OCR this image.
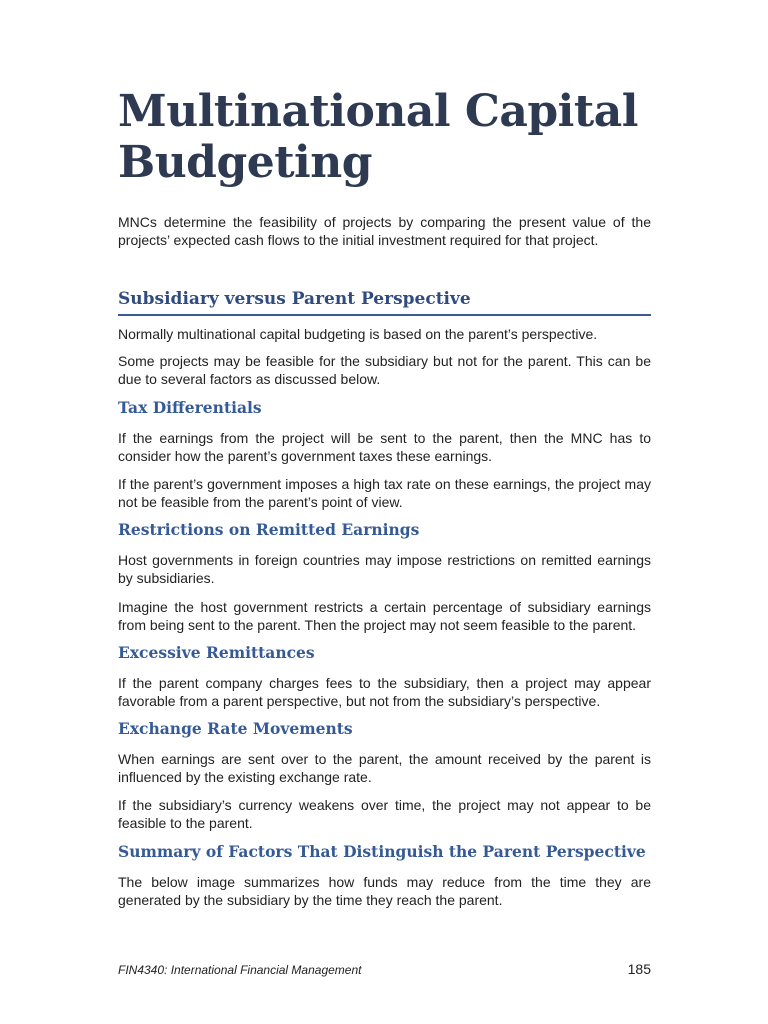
Multinational Capital Budgeting

MNCs determine the feasibility of projects by comparing the present value of the projects’ expected cash flows to the initial investment required for that project.

Subsidiary versus Parent Perspective

Normally multinational capital budgeting is based on the parent’s perspective.

Some projects may be feasible for the subsidiary but not for the parent. This can be due to several factors as discussed below.

Tax Differentials

If the earnings from the project will be sent to the parent, then the MNC has to consider how the parent’s government taxes these earnings.

If the parent’s government imposes a high tax rate on these earnings, the project may not be feasible from the parent’s point of view.

Restrictions on Remitted Earnings

Host governments in foreign countries may impose restrictions on remitted earnings by subsidiaries.

Imagine the host government restricts a certain percentage of subsidiary earnings from being sent to the parent. Then the project may not seem feasible to the parent.

Excessive Remittances

If the parent company charges fees to the subsidiary, then a project may appear favorable from a parent perspective, but not from the subsidiary’s perspective.

Exchange Rate Movements

When earnings are sent over to the parent, the amount received by the parent is influenced by the existing exchange rate.

If the subsidiary’s currency weakens over time, the project may not appear to be feasible to the parent.

Summary of Factors That Distinguish the Parent Perspective

The below image summarizes how funds may reduce from the time they are generated by the subsidiary by the time they reach the parent.

FIN4340: International Financial Management	185
